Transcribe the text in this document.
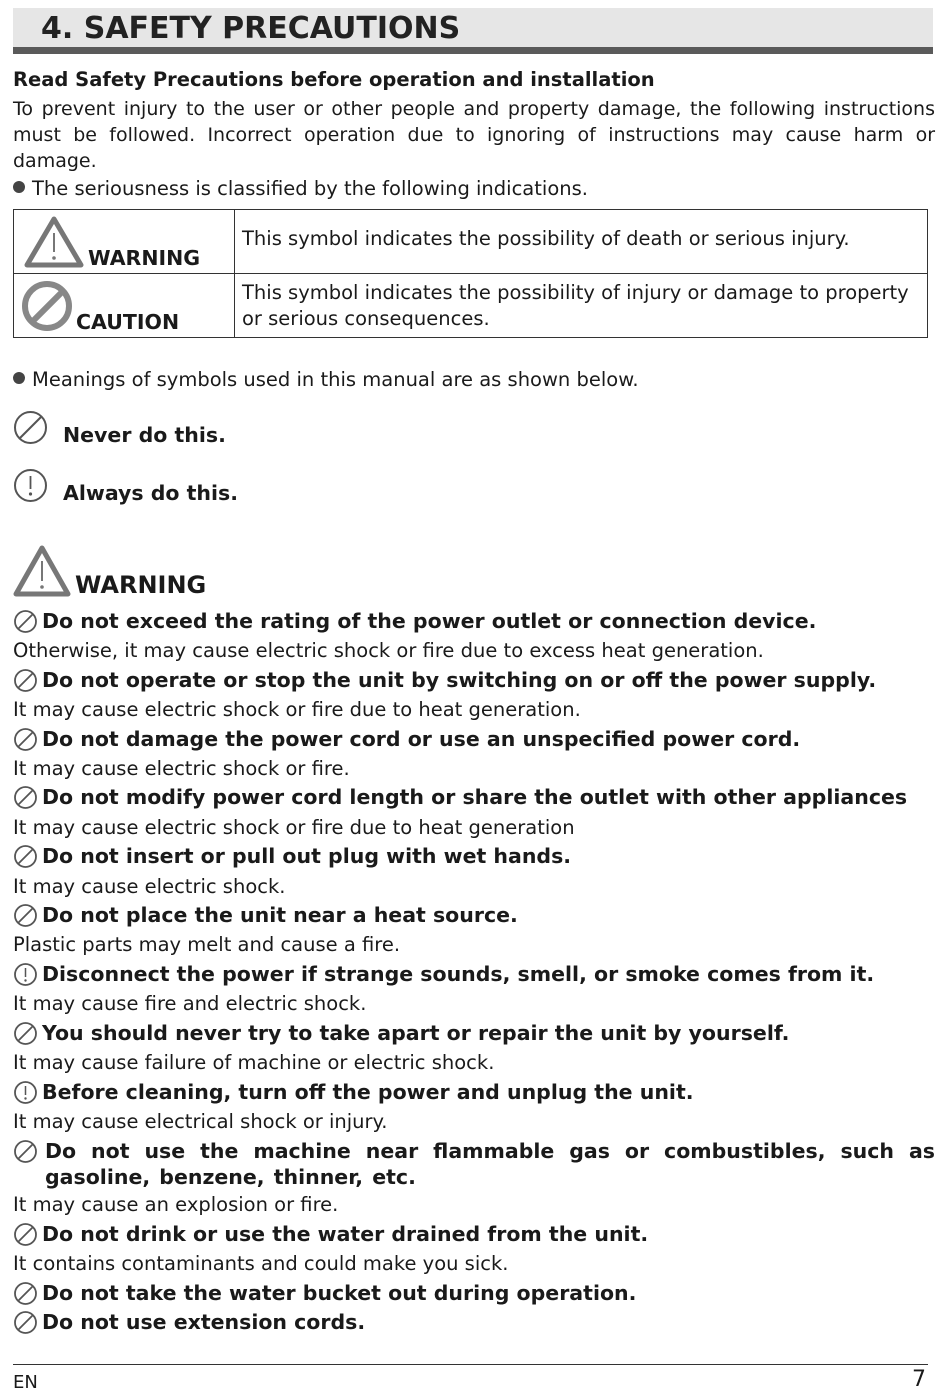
4. SAFETY PRECAUTIONS
Read Safety Precautions before operation and installation
To prevent injury to the user or other people and property damage, the following instructions must be followed. Incorrect operation due to ignoring of instructions may cause harm or damage.
The seriousness is classified by the following indications.
WARNING	This symbol indicates the possibility of death or serious injury.

CAUTION	This symbol indicates the possibility of injury or damage to property or serious consequences.
Meanings of symbols used in this manual are as shown below.
Never do this.
Always do this.
WARNING
Do not exceed the rating of the power outlet or connection device.
Otherwise, it may cause electric shock or fire due to excess heat generation.
Do not operate or stop the unit by switching on or off the power supply.
It may cause electric shock or fire due to heat generation.
Do not damage the power cord or use an unspecified power cord.
It may cause electric shock or fire.
Do not modify power cord length or share the outlet with other appliances
It may cause electric shock or fire due to heat generation
Do not insert or pull out plug with wet hands.
It may cause electric shock.
Do not place the unit near a heat source.
Plastic parts may melt and cause a fire.
Disconnect the power if strange sounds, smell, or smoke comes from it.
It may cause fire and electric shock.
You should never try to take apart or repair the unit by yourself.
It may cause failure of machine or electric shock.
Before cleaning, turn off the power and unplug the unit.
It may cause electrical shock or injury.
Do not use the machine near flammable gas or combustibles, such as gasoline, benzene, thinner, etc.
It may cause an explosion or fire.
Do not drink or use the water drained from the unit.
It contains contaminants and could make you sick.
Do not take the water bucket out during operation.
Do not use extension cords.
EN	7
